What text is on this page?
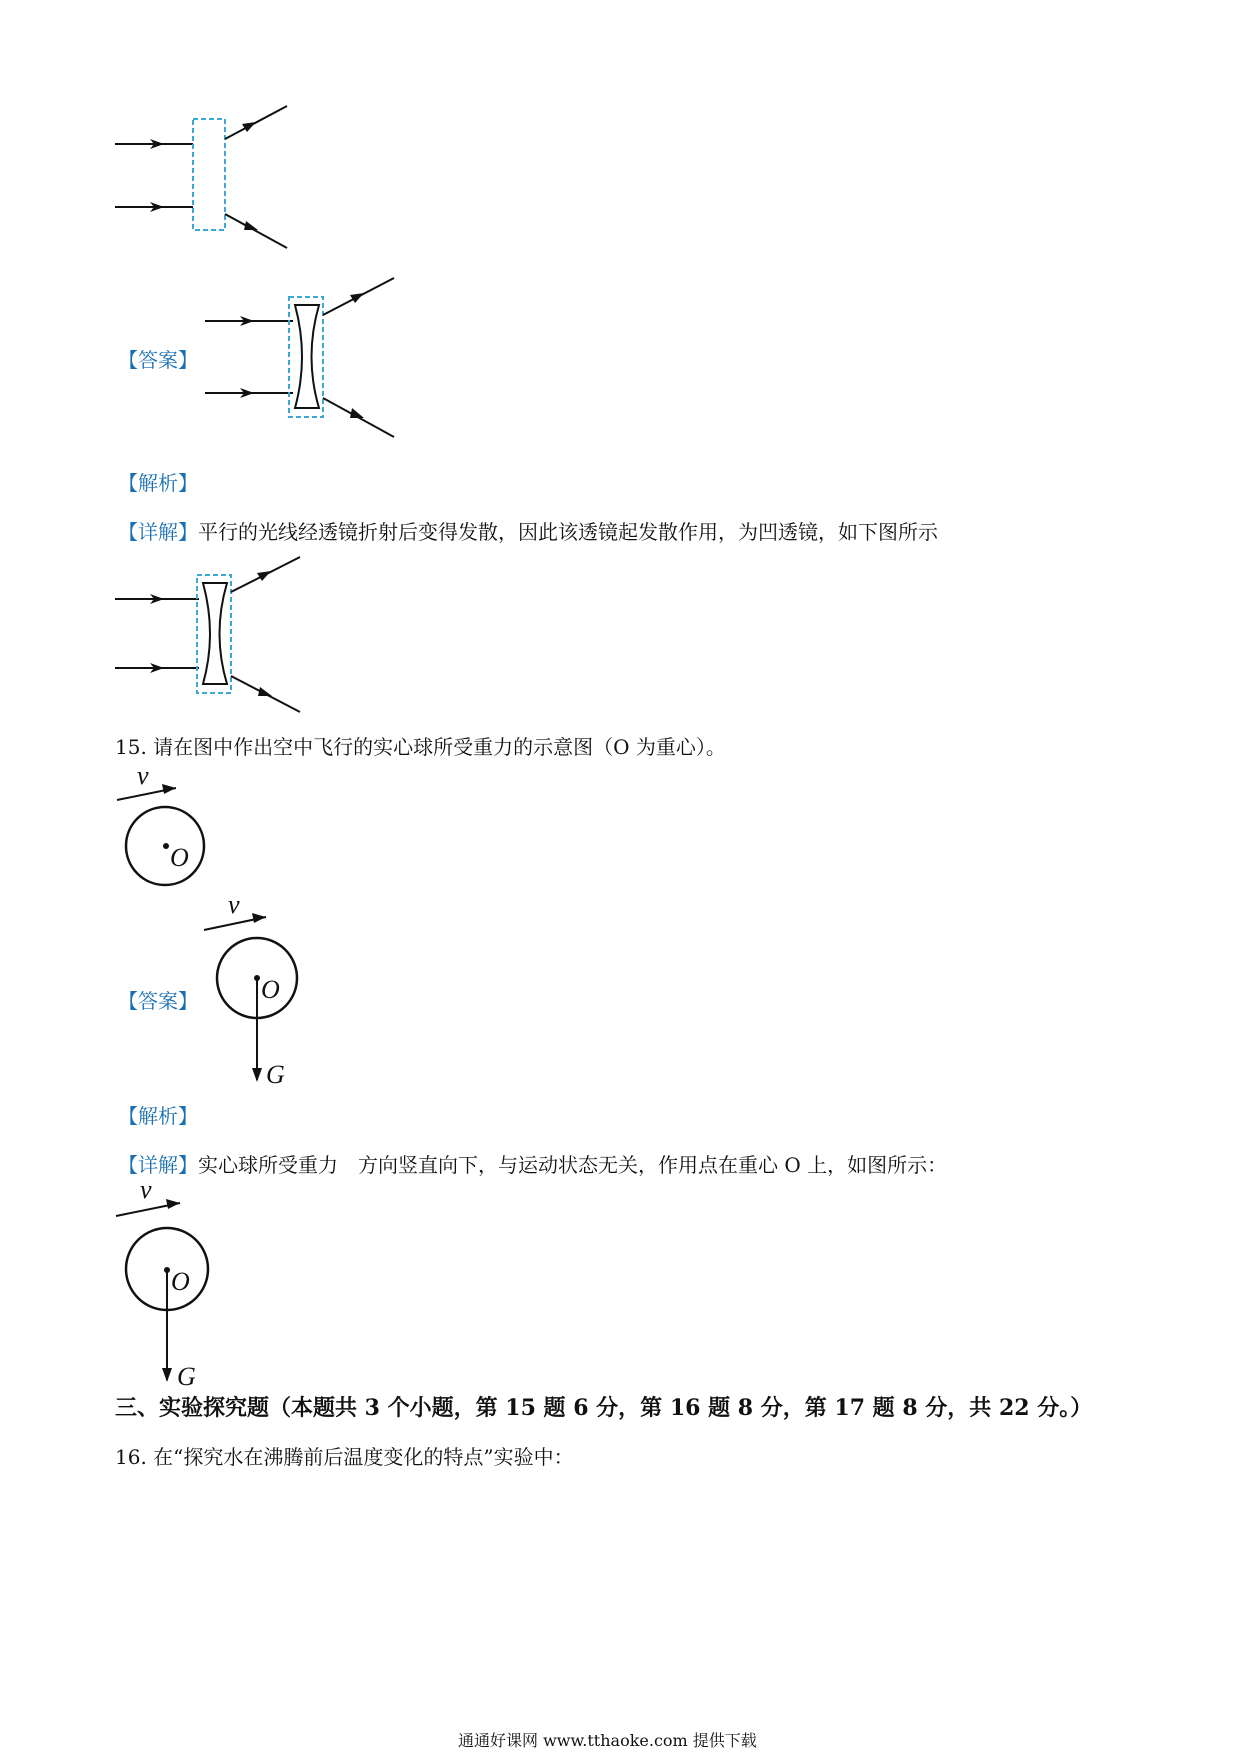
v
O
v
O
G
v
O
G
【答案】
【解析】
【详解】平行的光线经透镜折射后变得发散，因此该透镜起发散作用，为凹透镜，如下图所示
15. 请在图中作出空中飞行的实心球所受重力的示意图（O 为重心）。
【答案】
【解析】
【详解】实心球所受重力　方向竖直向下，与运动状态无关，作用点在重心 O 上，如图所示：
三、实验探究题（本题共 3 个小题，第 15 题 6 分，第 16 题 8 分，第 17 题 8 分，共 22 分。）
16. 在“探究水在沸腾前后温度变化的特点”实验中：
通通好课网 www.tthaoke.com 提供下载
